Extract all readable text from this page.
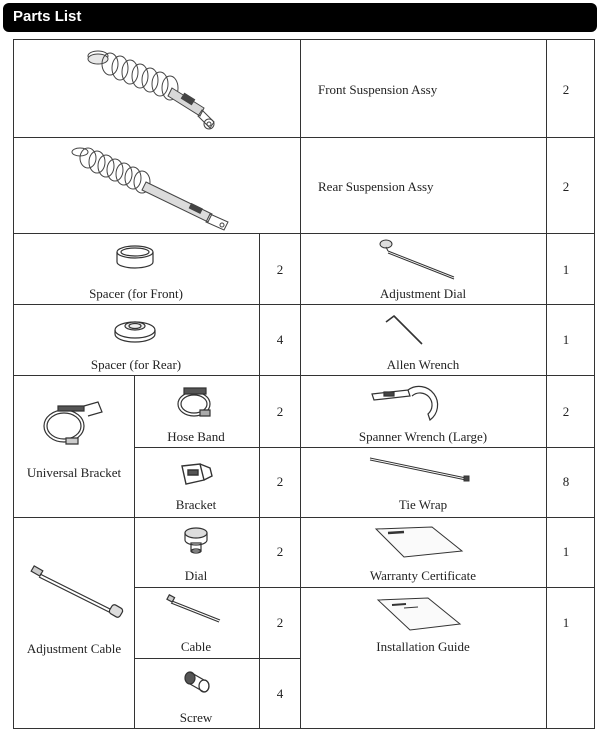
Parts List
Front Suspension Assy	2
Rear Suspension Assy	2
Spacer (for Front)
2
Adjustment Dial
1
Spacer (for Rear)
4
Allen Wrench
1
Universal Bracket
Hose Band
2
Spanner Wrench (Large)
2
Bracket
2
Tie Wrap
8
Adjustment Cable
Dial
2
Warranty Certificate
1
Cable
2
Installation Guide
1
Screw
4
